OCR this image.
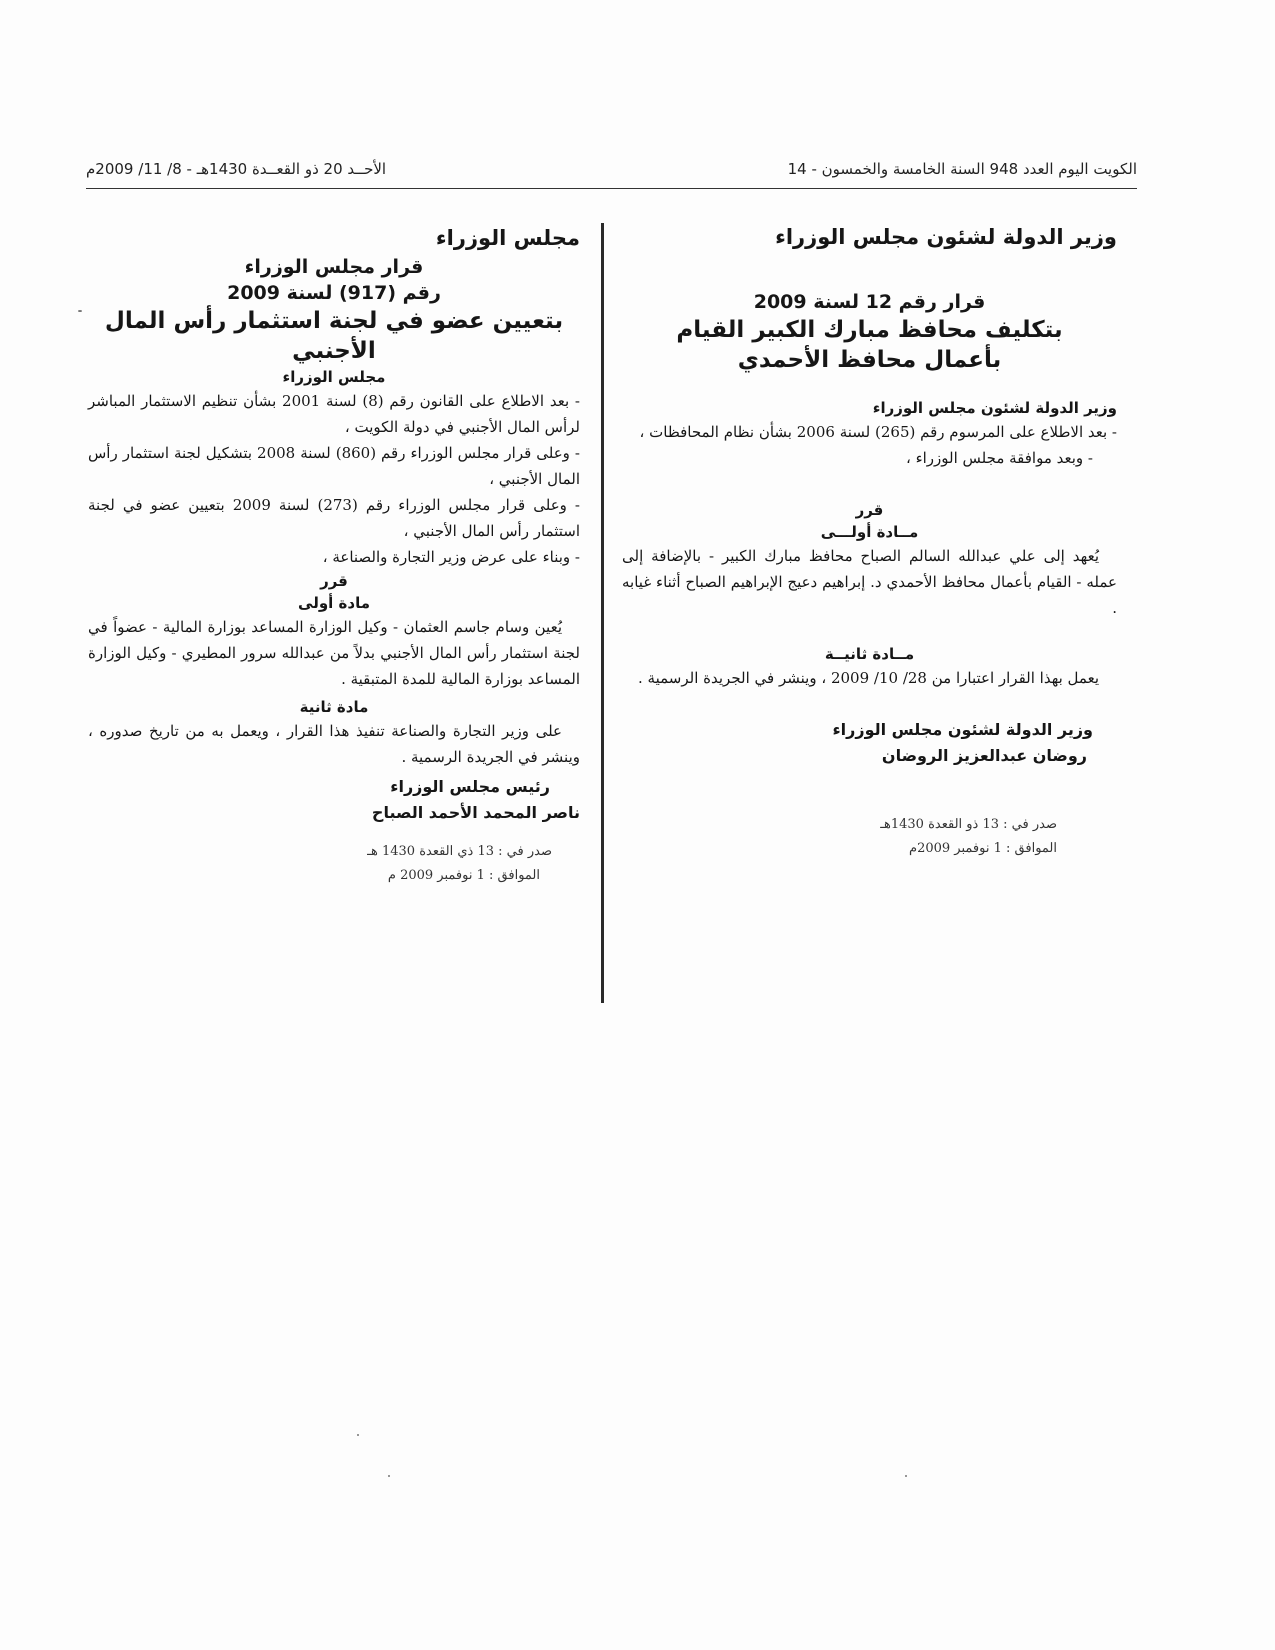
الكويت اليوم العدد 948 السنة الخامسة والخمسون - 14
الأحــد 20 ذو القعــدة 1430هـ - 8/ 11/ 2009م
وزير الدولة لشئون مجلس الوزراء
قرار رقم 12 لسنة 2009
بتكليف محافظ مبارك الكبير القيام بأعمال محافظ الأحمدي
وزير الدولة لشئون مجلس الوزراء

- بعد الاطلاع على المرسوم رقم (265) لسنة 2006 بشأن نظام المحافظات ،

- وبعد موافقة مجلس الوزراء ،

قرر
مــادة أولـــى

يُعهد إلى علي عبدالله السالم الصباح محافظ مبارك الكبير - بالإضافة إلى عمله - القيام بأعمال محافظ الأحمدي د. إبراهيم دعيج الإبراهيم الصباح أثناء غيابه .

مــادة ثانيــة

يعمل بهذا القرار اعتبارا من 28/ 10/ 2009 ، وينشر في الجريدة الرسمية .

وزير الدولة لشئون مجلس الوزراء
روضان عبدالعزيز الروضان
صدر في : 13 ذو القعدة 1430هـ
الموافق : 1 نوفمبر 2009م
مجلس الوزراء
قرار مجلس الوزراء
رقم (917) لسنة 2009
بتعيين عضو في لجنة استثمار رأس المال الأجنبي
مجلس الوزراء

- بعد الاطلاع على القانون رقم (8) لسنة 2001 بشأن تنظيم الاستثمار المباشر لرأس المال الأجنبي في دولة الكويت ،

- وعلى قرار مجلس الوزراء رقم (860) لسنة 2008 بتشكيل لجنة استثمار رأس المال الأجنبي ،

- وعلى قرار مجلس الوزراء رقم (273) لسنة 2009 بتعيين عضو في لجنة استثمار رأس المال الأجنبي ،

- وبناء على عرض وزير التجارة والصناعة ،

قرر
مادة أولى

يُعين وسام جاسم العثمان - وكيل الوزارة المساعد بوزارة المالية - عضواً في لجنة استثمار رأس المال الأجنبي بدلاً من عبدالله سرور المطيري - وكيل الوزارة المساعد بوزارة المالية للمدة المتبقية .

مادة ثانية

على وزير التجارة والصناعة تنفيذ هذا القرار ، ويعمل به من تاريخ صدوره ، وينشر في الجريدة الرسمية .

رئيس مجلس الوزراء
ناصر المحمد الأحمد الصباح
صدر في : 13 ذي القعدة 1430 هـ
الموافق : 1 نوفمبر 2009 م
